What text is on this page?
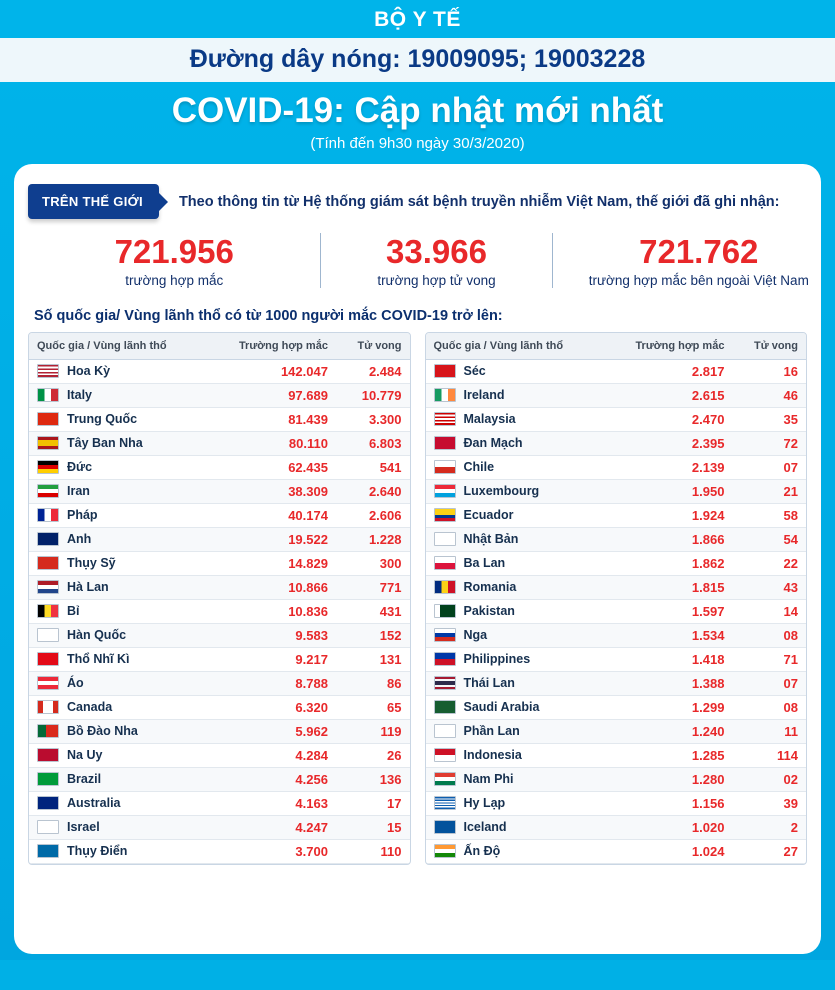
BỘ Y TẾ
Đường dây nóng: 19009095; 19003228
COVID-19: Cập nhật mới nhất
(Tính đến 9h30 ngày 30/3/2020)
TRÊN THẾ GIỚI	Theo thông tin từ Hệ thống giám sát bệnh truyền nhiễm Việt Nam, thế giới đã ghi nhận:
721.956
trường hợp mắc
33.966
trường hợp tử vong
721.762
trường hợp mắc bên ngoài Việt Nam
Số quốc gia/ Vùng lãnh thổ có từ 1000 người mắc COVID-19 trở lên:
Quốc gia / Vùng lãnh thổ	Trường hợp mắc	Tử vong

Hoa Kỳ	142.047	2.484

Italy	97.689	10.779

Trung Quốc	81.439	3.300

Tây Ban Nha	80.110	6.803

Đức	62.435	541

Iran	38.309	2.640

Pháp	40.174	2.606

Anh	19.522	1.228

Thụy Sỹ	14.829	300

Hà Lan	10.866	771

Bỉ	10.836	431

Hàn Quốc	9.583	152

Thổ Nhĩ Kì	9.217	131

Áo	8.788	86

Canada	6.320	65

Bồ Đào Nha	5.962	119

Na Uy	4.284	26

Brazil	4.256	136

Australia	4.163	17

Israel	4.247	15

Thụy Điển	3.700	110
Quốc gia / Vùng lãnh thổ	Trường hợp mắc	Tử vong

Séc	2.817	16

Ireland	2.615	46

Malaysia	2.470	35

Đan Mạch	2.395	72

Chile	2.139	07

Luxembourg	1.950	21

Ecuador	1.924	58

Nhật Bản	1.866	54

Ba Lan	1.862	22

Romania	1.815	43

Pakistan	1.597	14

Nga	1.534	08

Philippines	1.418	71

Thái Lan	1.388	07

Saudi Arabia	1.299	08

Phần Lan	1.240	11

Indonesia	1.285	114

Nam Phi	1.280	02

Hy Lạp	1.156	39

Iceland	1.020	2

Ấn Độ	1.024	27
